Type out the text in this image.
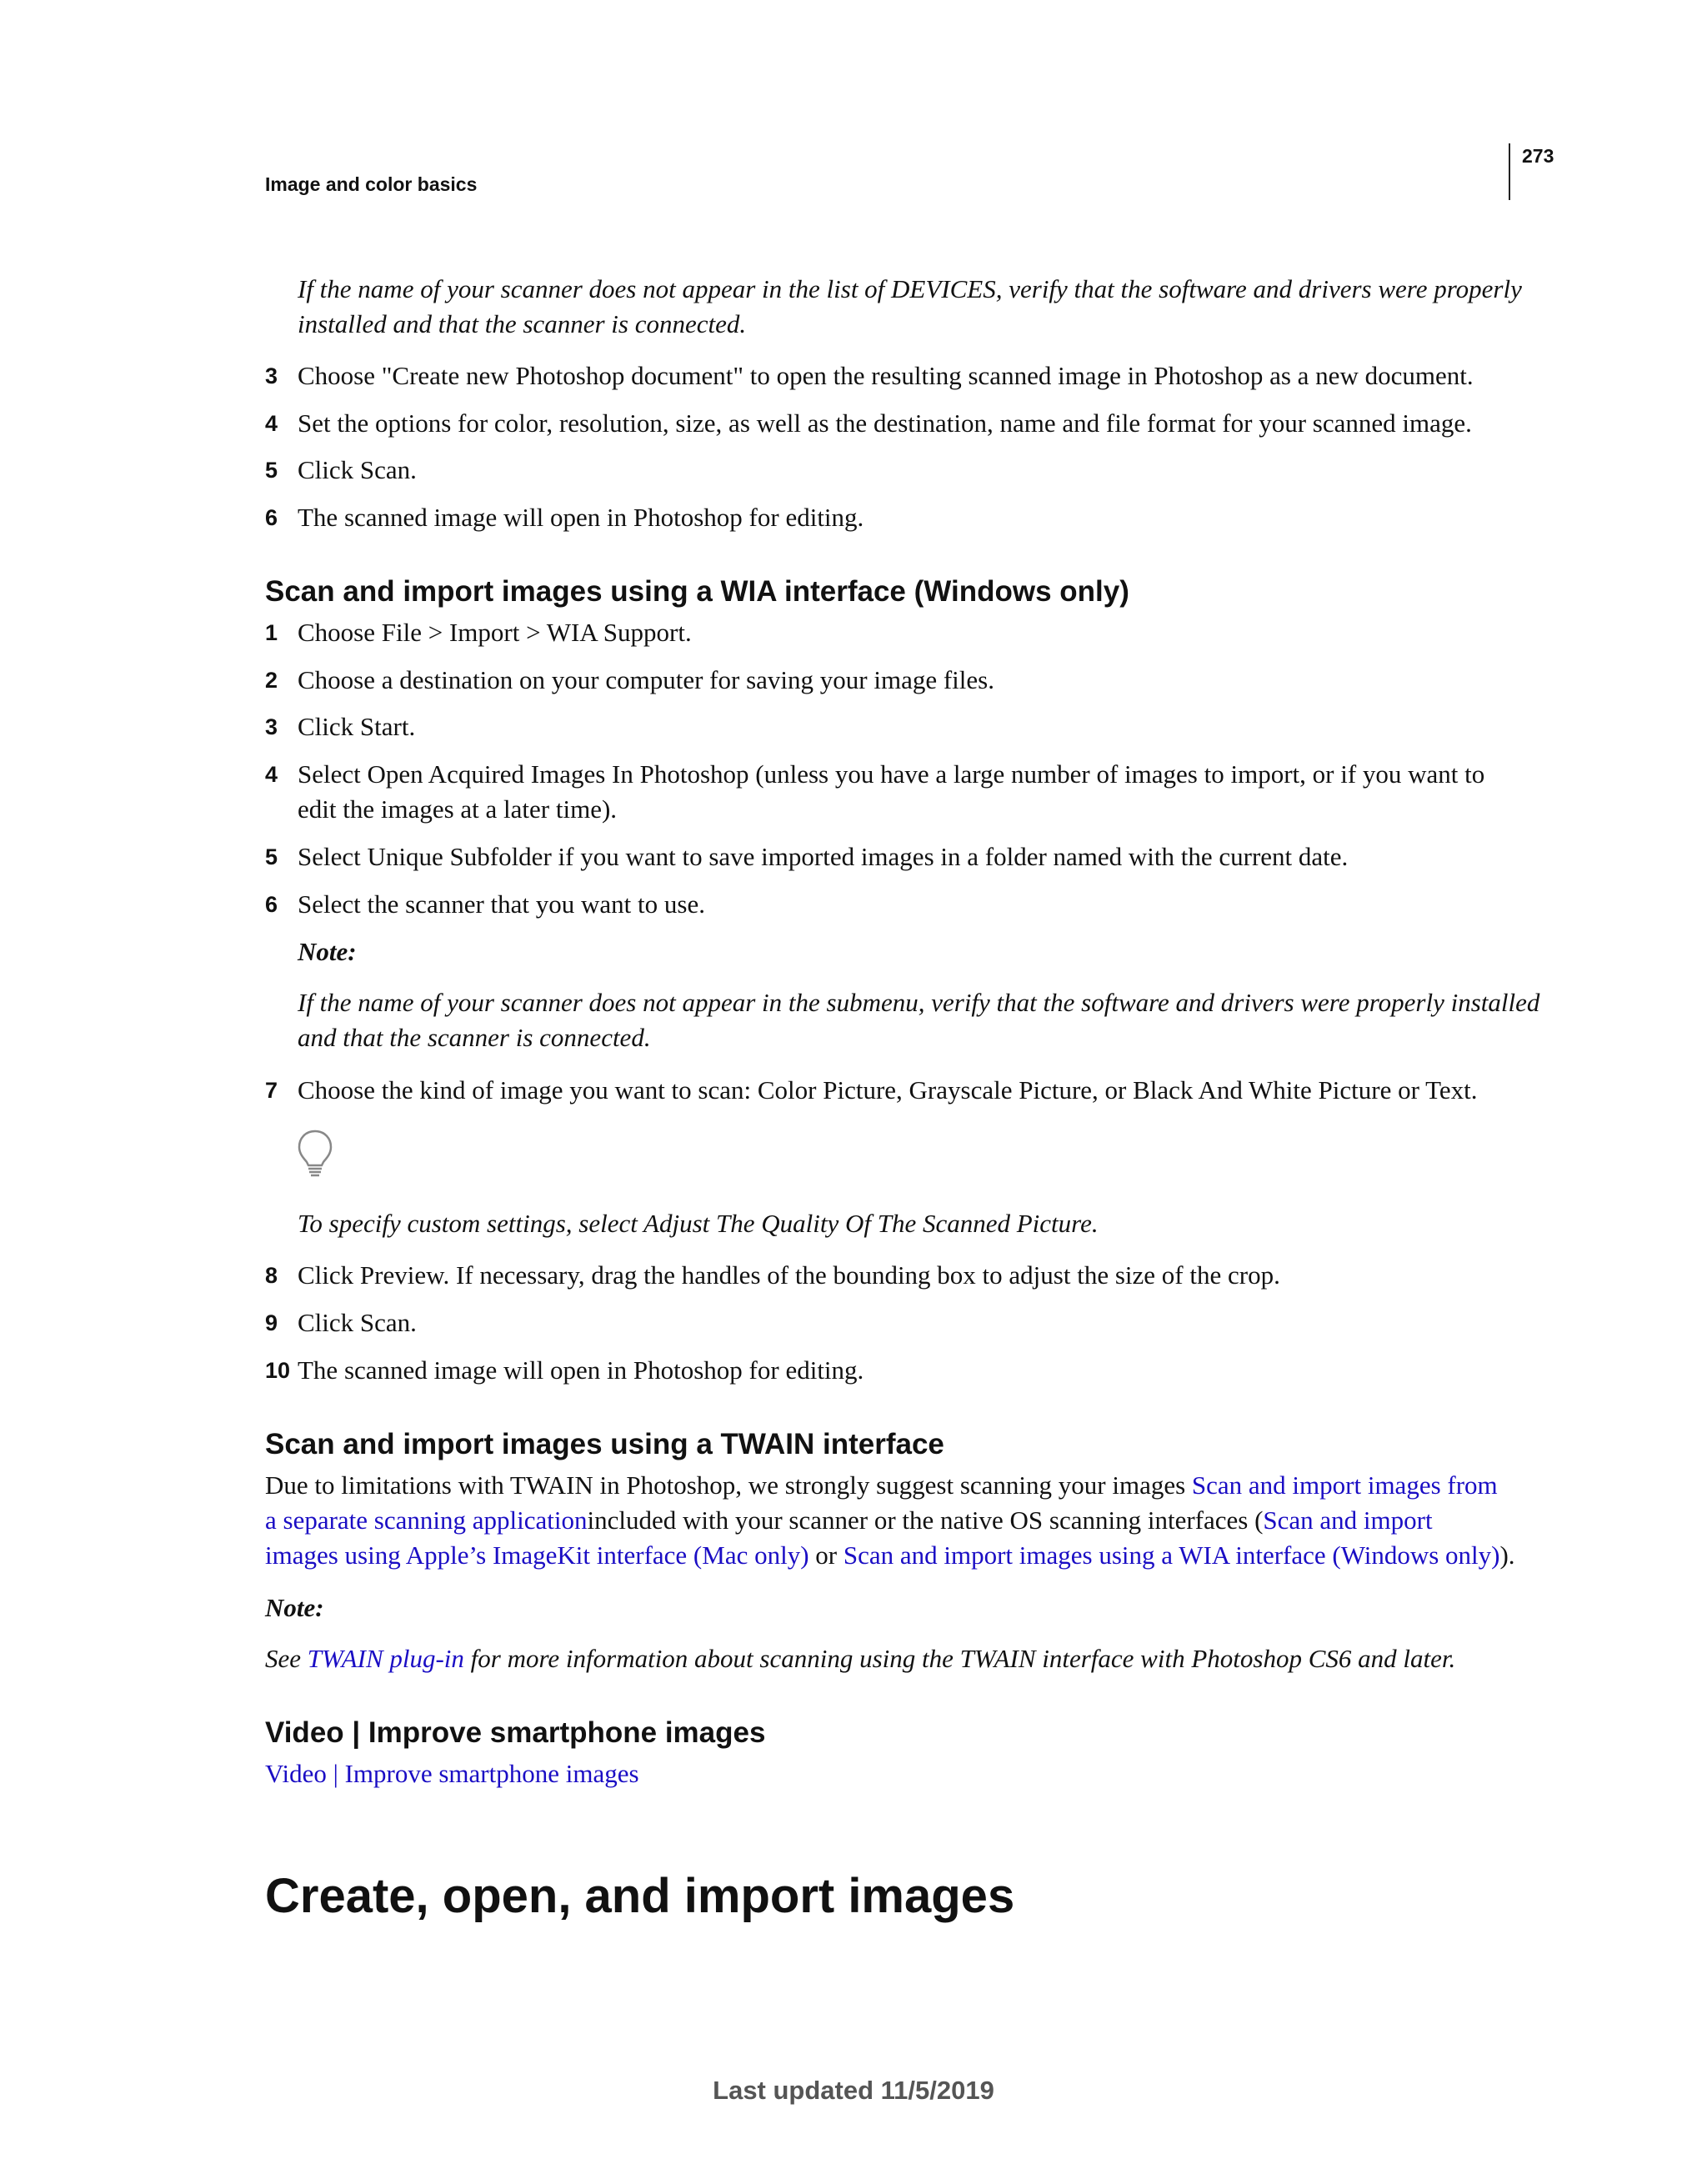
Image and color basics
273
If the name of your scanner does not appear in the list of DEVICES, verify that the software and drivers were properly
installed and that the scanner is connected.
3 Choose "Create new Photoshop document" to open the resulting scanned image in Photoshop as a new document.
4 Set the options for color, resolution, size, as well as the destination, name and file format for your scanned image.
5 Click Scan.
6 The scanned image will open in Photoshop for editing.
Scan and import images using a WIA interface (Windows only)
1 Choose File > Import > WIA Support.
2 Choose a destination on your computer for saving your image files.
3 Click Start.
4 Select Open Acquired Images In Photoshop (unless you have a large number of images to import, or if you want to
edit the images at a later time).
5 Select Unique Subfolder if you want to save imported images in a folder named with the current date.
6 Select the scanner that you want to use.
Note:
If the name of your scanner does not appear in the submenu, verify that the software and drivers were properly installed
and that the scanner is connected.
7 Choose the kind of image you want to scan: Color Picture, Grayscale Picture, or Black And White Picture or Text.
To specify custom settings, select Adjust The Quality Of The Scanned Picture.
8 Click Preview. If necessary, drag the handles of the bounding box to adjust the size of the crop.
9 Click Scan.
10 The scanned image will open in Photoshop for editing.
Scan and import images using a TWAIN interface
Due to limitations with TWAIN in Photoshop, we strongly suggest scanning your images Scan and import images from
a separate scanning applicationincluded with your scanner or the native OS scanning interfaces (Scan and import
images using Apple’s ImageKit interface (Mac only) or Scan and import images using a WIA interface (Windows only)).
Note:
See TWAIN plug-in for more information about scanning using the TWAIN interface with Photoshop CS6 and later.
Video | Improve smartphone images
Video | Improve smartphone images
Create, open, and import images
Last updated 11/5/2019
